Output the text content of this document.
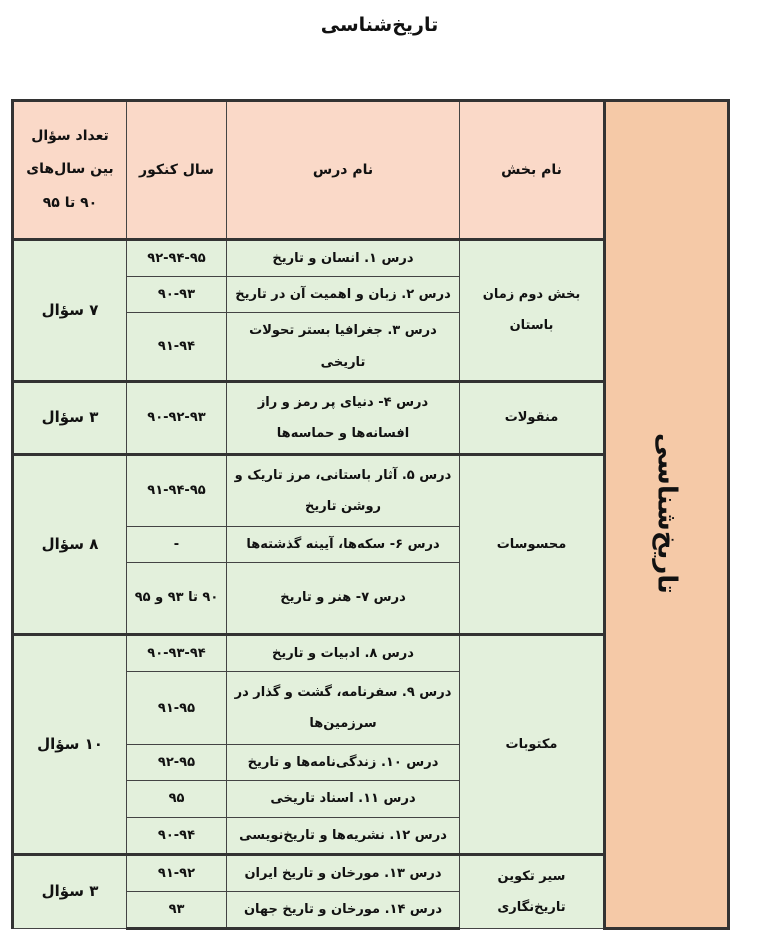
تاریخ‌شناسی
تاریخ‌شناسی	نام بخش	نام درس	سال کنکور	تعداد سؤال بین سال‌های ۹۰ تا ۹۵
	بخش دوم زمان باستان	درس ۱. انسان و تاریخ	۹۲-۹۴-۹۵	۷ سؤال
		درس ۲. زبان و اهمیت آن در تاریخ	۹۰-۹۳	
		درس ۳. جغرافیا بستر تحولات تاریخی	۹۱-۹۴	
	منقولات	درس ۴- دنیای پر رمز و راز افسانه‌ها و حماسه‌ها	۹۰-۹۲-۹۳	۳ سؤال
	محسوسات	درس ۵. آثار باستانی، مرز تاریک و روشن تاریخ	۹۱-۹۴-۹۵	۸ سؤال
		درس ۶- سکه‌ها، آیینه گذشته‌ها	-	
		درس ۷- هنر و تاریخ	۹۰ تا ۹۳ و ۹۵	
	مکتوبات	درس ۸. ادبیات و تاریخ	۹۰-۹۳-۹۴	۱۰ سؤال
		درس ۹. سفرنامه، گشت و گذار در سرزمین‌ها	۹۱-۹۵	
		درس ۱۰. زندگی‌نامه‌ها و تاریخ	۹۲-۹۵	
		درس ۱۱. اسناد تاریخی	۹۵	
		درس ۱۲. نشریه‌ها و تاریخ‌نویسی	۹۰-۹۴	
	سیر تکوین تاریخ‌نگاری	درس ۱۳. مورخان و تاریخ ایران	۹۱-۹۲	۳ سؤال
		درس ۱۴. مورخان و تاریخ جهان	۹۳	
